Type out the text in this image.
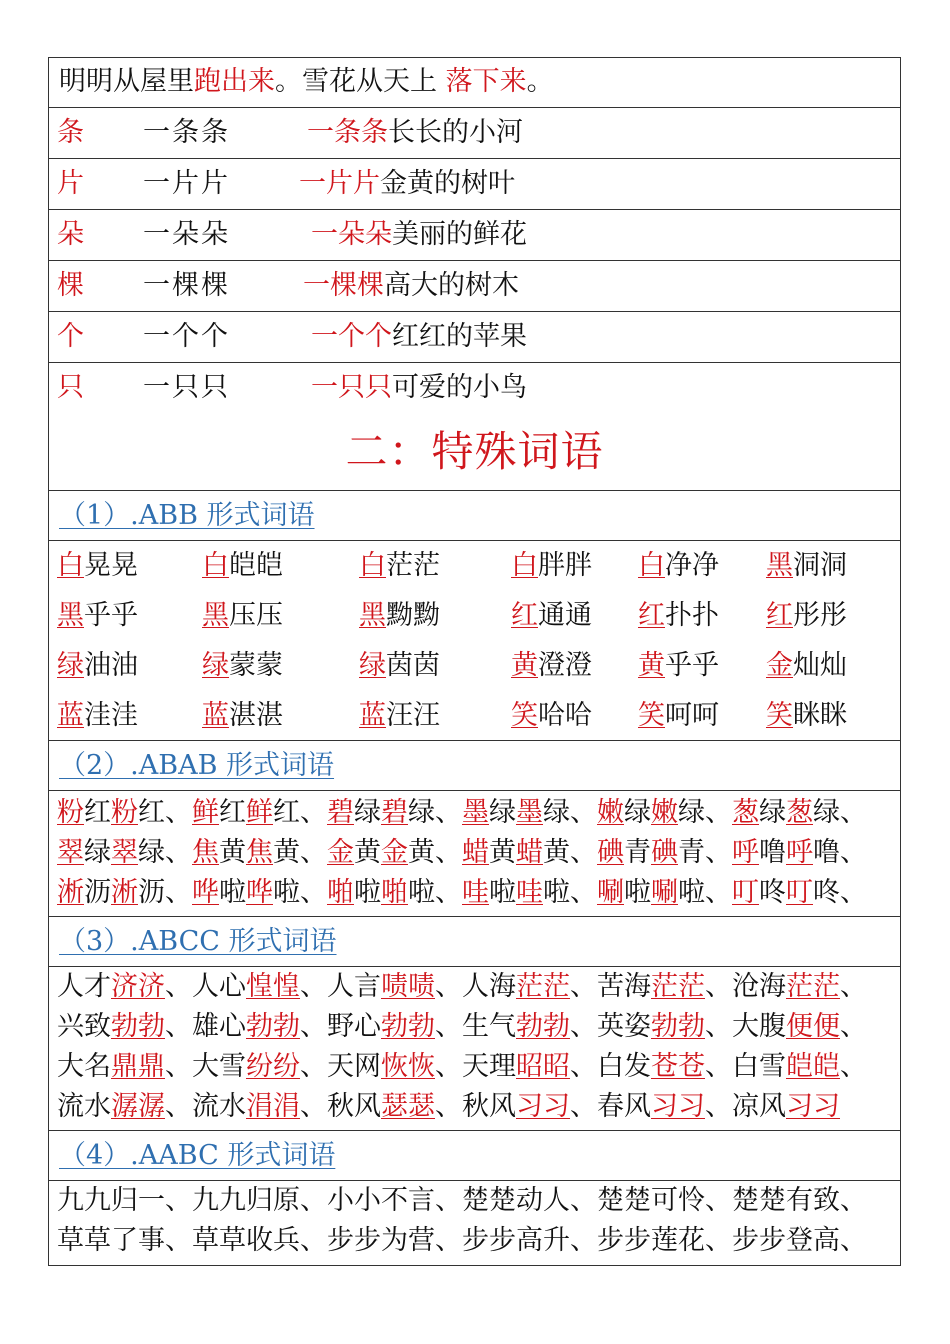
明明从屋里跑出来。雪花从天上 落下来。
条 一条条	一条条长长的小河
片 一片片	一片片金黄的树叶
朵 一朵朵	一朵朵美丽的鲜花
棵 一棵棵	一棵棵高大的树木
个 一个个	一个个红红的苹果
只 一只只	一只只可爱的小鸟
二：特殊词语
（1）.ABB 形式词语
白晃晃 白皑皑	白茫茫	白胖胖 白净净 黑洞洞
黑乎乎 黑压压	黑黝黝	红通通 红扑扑 红彤彤
绿油油 绿蒙蒙	绿茵茵	黄澄澄 黄乎乎 金灿灿
蓝洼洼 蓝湛湛	蓝汪汪	笑哈哈 笑呵呵 笑眯眯
（2）.ABAB 形式词语
粉红粉红、鲜红鲜红、碧绿碧绿、墨绿墨绿、嫩绿嫩绿、葱绿葱绿、
翠绿翠绿、焦黄焦黄、金黄金黄、蜡黄蜡黄、碘青碘青、呼噜呼噜、
淅沥淅沥、哗啦哗啦、啪啦啪啦、哇啦哇啦、唰啦唰啦、叮咚叮咚、
（3）.ABCC 形式词语
人才济济、人心惶惶、人言啧啧、人海茫茫、苦海茫茫、沧海茫茫、
兴致勃勃、雄心勃勃、野心勃勃、生气勃勃、英姿勃勃、大腹便便、
大名鼎鼎、大雪纷纷、天网恢恢、天理昭昭、白发苍苍、白雪皑皑、
流水潺潺、流水涓涓、秋风瑟瑟、秋风习习、春风习习、凉风习习
（4）.AABC 形式词语
九九归一、九九归原、小小不言、楚楚动人、楚楚可怜、楚楚有致、
草草了事、草草收兵、步步为营、步步高升、步步莲花、步步登高、
